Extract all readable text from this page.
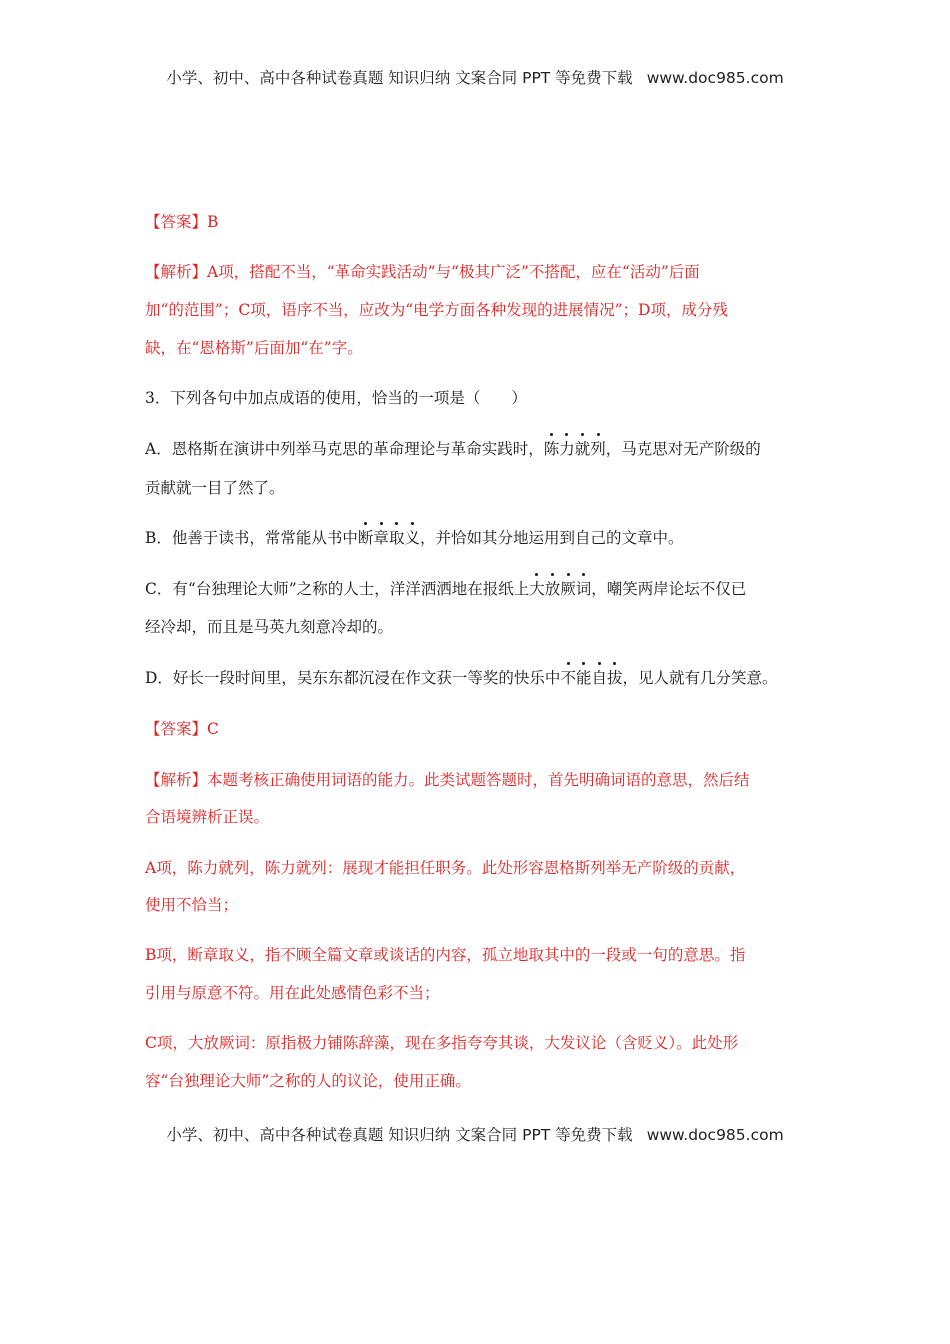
小学、初中、高中各种试卷真题 知识归纳 文案合同 PPT 等免费下载 www.doc985.com
【答案】B
【解析】A项，搭配不当，“革命实践活动”与“极其广泛”不搭配，应在“活动”后面
加“的范围”；C项，语序不当，应改为“电学方面各种发现的进展情况”；D项，成分残
缺，在“恩格斯”后面加“在”字。
3．下列各句中加点成语的使用，恰当的一项是（　　）
A．恩格斯在演讲中列举马克思的革命理论与革命实践时，陈力就列，马克思对无产阶级的
贡献就一目了然了。
B．他善于读书，常常能从书中断章取义，并恰如其分地运用到自己的文章中。
C．有“台独理论大师”之称的人士，洋洋洒洒地在报纸上大放厥词，嘲笑两岸论坛不仅已
经冷却，而且是马英九刻意冷却的。
D．好长一段时间里，吴东东都沉浸在作文获一等奖的快乐中不能自拔，见人就有几分笑意。
【答案】C
【解析】本题考核正确使用词语的能力。此类试题答题时，首先明确词语的意思，然后结
合语境辨析正误。
A项，陈力就列，陈力就列：展现才能担任职务。此处形容恩格斯列举无产阶级的贡献，
使用不恰当；
B项，断章取义，指不顾全篇文章或谈话的内容，孤立地取其中的一段或一句的意思。指
引用与原意不符。用在此处感情色彩不当；
C项，大放厥词：原指极力铺陈辞藻，现在多指夸夸其谈，大发议论（含贬义）。此处形
容“台独理论大师”之称的人的议论，使用正确。
小学、初中、高中各种试卷真题 知识归纳 文案合同 PPT 等免费下载 www.doc985.com
